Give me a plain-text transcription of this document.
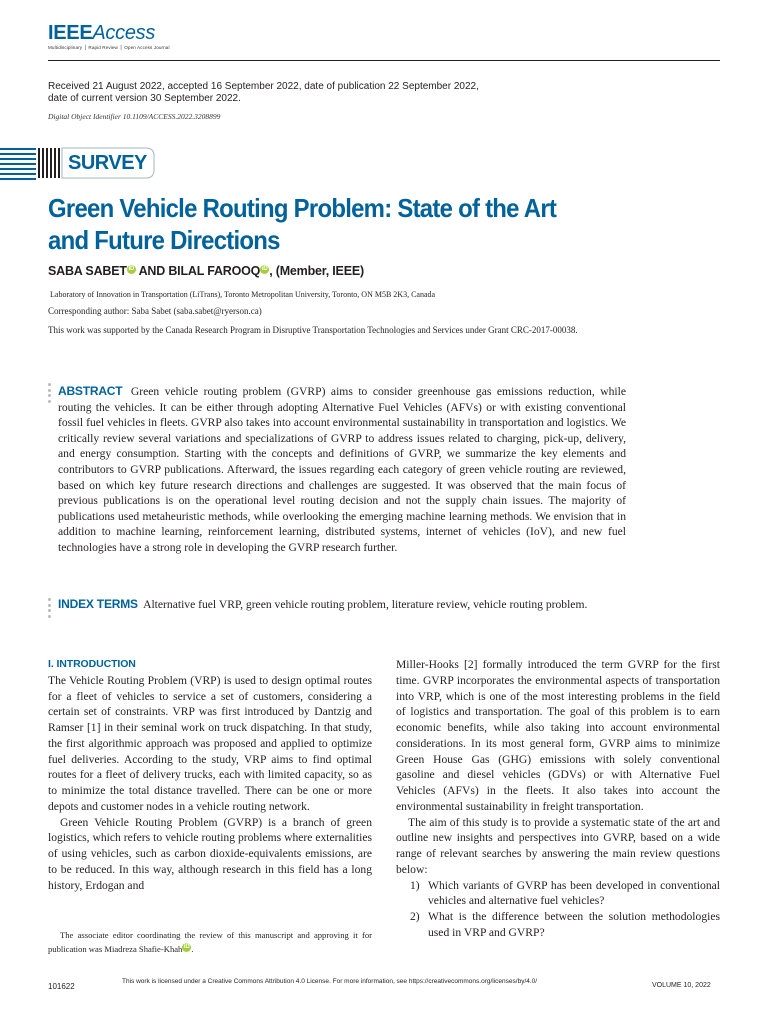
IEEEAccess
Multidisciplinary ⎪ Rapid Review ⎪ Open Access Journal
Received 21 August 2022, accepted 16 September 2022, date of publication 22 September 2022,
date of current version 30 September 2022.
Digital Object Identifier 10.1109/ACCESS.2022.3208899
SURVEY
Green Vehicle Routing Problem: State of the Art
and Future Directions
SABA SABET iD AND BILAL FAROOQ iD , (Member, IEEE)
Laboratory of Innovation in Transportation (LiTrans), Toronto Metropolitan University, Toronto, ON M5B 2K3, Canada
Corresponding author: Saba Sabet (saba.sabet@ryerson.ca)
This work was supported by the Canada Research Program in Disruptive Transportation Technologies and Services under Grant CRC-2017-00038.
ABSTRACT Green vehicle routing problem (GVRP) aims to consider greenhouse gas emissions reduction, while routing the vehicles. It can be either through adopting Alternative Fuel Vehicles (AFVs) or with existing conventional fossil fuel vehicles in fleets. GVRP also takes into account environmental sustainability in transportation and logistics. We critically review several variations and specializations of GVRP to address issues related to charging, pick-up, delivery, and energy consumption. Starting with the concepts and definitions of GVRP, we summarize the key elements and contributors to GVRP publications. Afterward, the issues regarding each category of green vehicle routing are reviewed, based on which key future research directions and challenges are suggested. It was observed that the main focus of previous publications is on the operational level routing decision and not the supply chain issues. The majority of publications used metaheuristic methods, while overlooking the emerging machine learning methods. We envision that in addition to machine learning, reinforcement learning, distributed systems, internet of vehicles (IoV), and new fuel technologies have a strong role in developing the GVRP research further.
INDEX TERMS Alternative fuel VRP, green vehicle routing problem, literature review, vehicle routing problem.
I. INTRODUCTION

The Vehicle Routing Problem (VRP) is used to design optimal routes for a fleet of vehicles to service a set of customers, considering a certain set of constraints. VRP was first introduced by Dantzig and Ramser [1] in their seminal work on truck dispatching. In that study, the first algorithmic approach was proposed and applied to optimize fuel deliveries. According to the study, VRP aims to find optimal routes for a fleet of delivery trucks, each with limited capacity, so as to minimize the total distance travelled. There can be one or more depots and customer nodes in a vehicle routing network.

Green Vehicle Routing Problem (GVRP) is a branch of green logistics, which refers to vehicle routing problems where externalities of using vehicles, such as carbon dioxide-equivalents emissions, are to be reduced. In this way, although research in this field has a long history, Erdogan and

The associate editor coordinating the review of this manuscript and approving it for publication was Miadreza Shafie-Khah iD .

Miller-Hooks [2] formally introduced the term GVRP for the first time. GVRP incorporates the environmental aspects of transportation into VRP, which is one of the most interesting problems in the field of logistics and transportation. The goal of this problem is to earn economic benefits, while also taking into account environmental considerations. In its most general form, GVRP aims to minimize Green House Gas (GHG) emissions with solely conventional gasoline and diesel vehicles (GDVs) or with Alternative Fuel Vehicles (AFVs) in the fleets. It also takes into account the environmental sustainability in freight transportation.

The aim of this study is to provide a systematic state of the art and outline new insights and perspectives into GVRP, based on a wide range of relevant searches by answering the main review questions below:

1) Which variants of GVRP has been developed in conventional vehicles and alternative fuel vehicles?
2) What is the difference between the solution methodologies used in VRP and GVRP?
101622
This work is licensed under a Creative Commons Attribution 4.0 License. For more information, see https://creativecommons.org/licenses/by/4.0/
VOLUME 10, 2022
